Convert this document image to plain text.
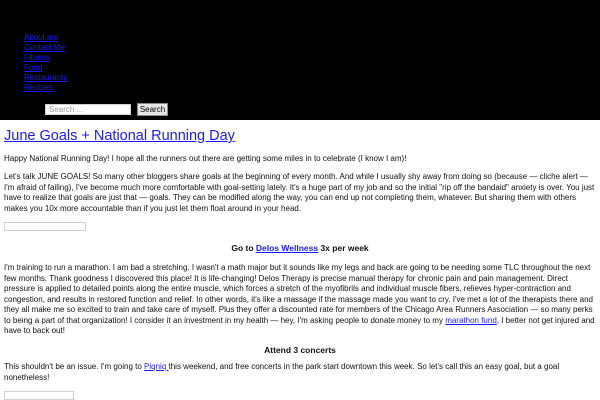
About me
Contact Me
Fitness
Food
Restaurants
Recipes
Search ...	Search
June Goals + National Running Day

Happy National Running Day! I hope all the runners out there are getting some miles in to celebrate (I know I am)!

Let's talk JUNE GOALS! So many other bloggers share goals at the beginning of every month. And while I usually shy away from doing so (because — cliche alert — I'm afraid of failing), I've become much more comfortable with goal-setting lately. It's a huge part of my job and so the initial "rip off the bandaid" anxiety is over. You just have to realize that goals are just that — goals. They can be modified along the way, you can end up not completing them, whatever. But sharing them with others makes you 10x more accountable than if you just let them float around in your head.

Go to Delos Wellness 3x per week

I'm training to run a marathon. I am bad a stretching. I wasn't a math major but it sounds like my legs and back are going to be needing some TLC throughout the next few months. Thank goodness I discovered this place! It is life-changing! Delos Therapy is precise manual therapy for chronic pain and pain management. Direct pressure is applied to detailed points along the entire muscle, which forces a stretch of the myofibrils and individual muscle fibers, relieves hyper-contraction and congestion, and results in restored function and relief. In other words, it's like a massage if the massage made you want to cry. I've met a lot of the therapists there and they all make me so excited to train and take care of myself. Plus they offer a discounted rate for members of the Chicago Area Runners Association — so many perks to being a part of that organization! I consider it an investment in my health — hey, I'm asking people to donate money to my marathon fund, I better not get injured and have to back out!

Attend 3 concerts

This shouldn't be an issue. I'm going to Piqniq this weekend, and free concerts in the park start downtown this week. So let's call this an easy goal, but a goal nonetheless!
